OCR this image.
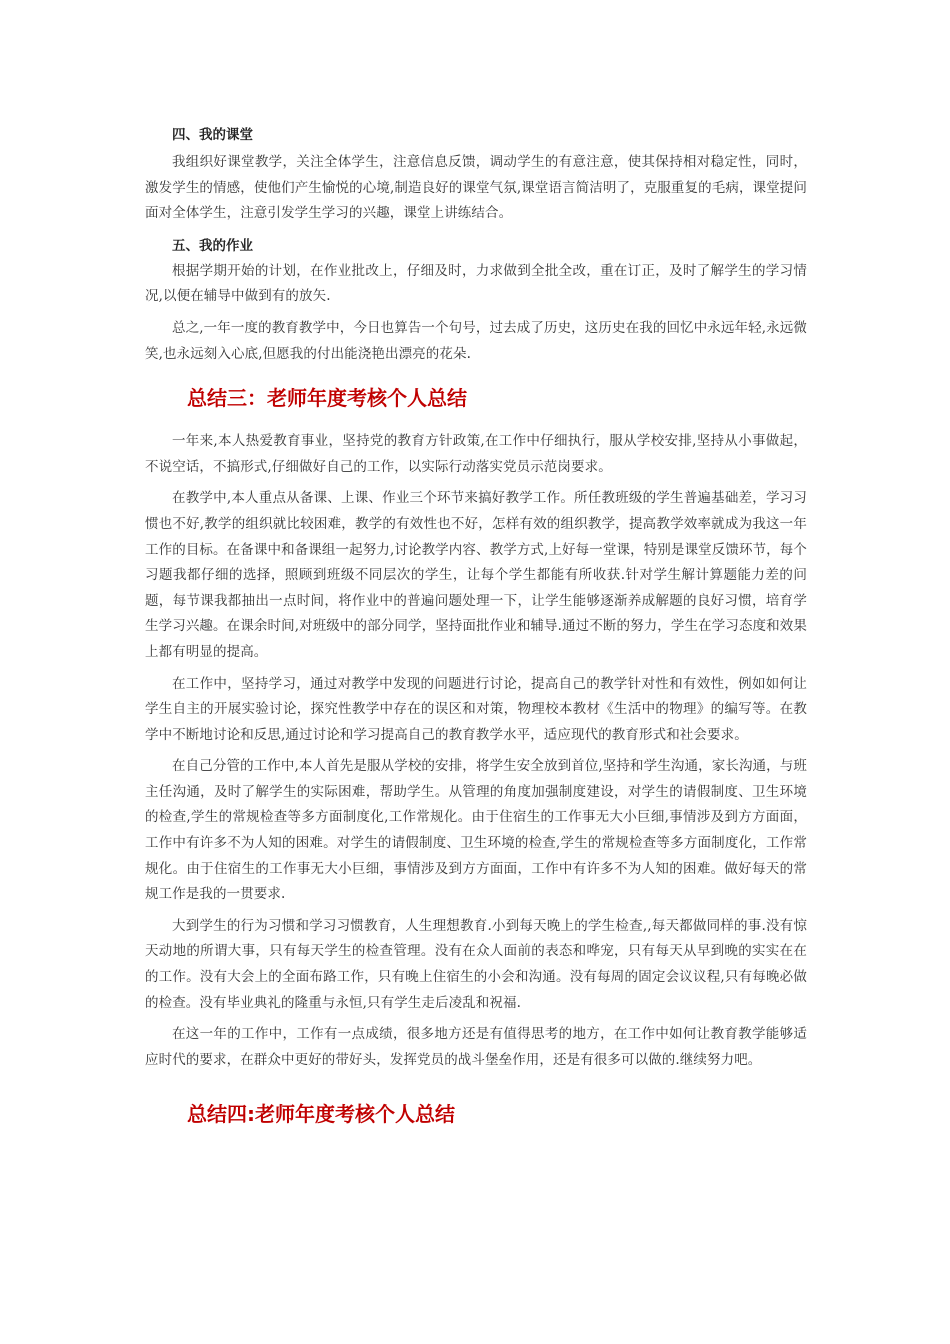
四、我的课堂

我组织好课堂教学，关注全体学生，注意信息反馈，调动学生的有意注意，使其保持相对稳定性，同时，激发学生的情感，使他们产生愉悦的心境,制造良好的课堂气氛,课堂语言简洁明了，克服重复的毛病，课堂提问面对全体学生，注意引发学生学习的兴趣，课堂上讲练结合。

五、我的作业

根据学期开始的计划，在作业批改上，仔细及时，力求做到全批全改，重在订正，及时了解学生的学习情况,以便在辅导中做到有的放矢.

总之,一年一度的教育教学中，今日也算告一个句号，过去成了历史，这历史在我的回忆中永远年轻,永远微笑,也永远刻入心底,但愿我的付出能浇艳出漂亮的花朵.

总结三：老师年度考核个人总结

一年来,本人热爱教育事业，坚持党的教育方针政策,在工作中仔细执行，服从学校安排,坚持从小事做起，不说空话，不搞形式,仔细做好自己的工作，以实际行动落实党员示范岗要求。

在教学中,本人重点从备课、上课、作业三个环节来搞好教学工作。所任教班级的学生普遍基础差，学习习惯也不好,教学的组织就比较困难，教学的有效性也不好，怎样有效的组织教学，提高教学效率就成为我这一年工作的目标。在备课中和备课组一起努力,讨论教学内容、教学方式,上好每一堂课，特别是课堂反馈环节，每个习题我都仔细的选择，照顾到班级不同层次的学生，让每个学生都能有所收获.针对学生解计算题能力差的问题，每节课我都抽出一点时间，将作业中的普遍问题处理一下，让学生能够逐渐养成解题的良好习惯，培育学生学习兴趣。在课余时间,对班级中的部分同学，坚持面批作业和辅导.通过不断的努力，学生在学习态度和效果上都有明显的提高。

在工作中，坚持学习，通过对教学中发现的问题进行讨论，提高自己的教学针对性和有效性，例如如何让学生自主的开展实验讨论，探究性教学中存在的误区和对策，物理校本教材《生活中的物理》的编写等。在教学中不断地讨论和反思,通过讨论和学习提高自己的教育教学水平，适应现代的教育形式和社会要求。

在自己分管的工作中,本人首先是服从学校的安排，将学生安全放到首位,坚持和学生沟通，家长沟通，与班主任沟通，及时了解学生的实际困难，帮助学生。从管理的角度加强制度建设，对学生的请假制度、卫生环境的检查,学生的常规检查等多方面制度化,工作常规化。由于住宿生的工作事无大小巨细,事情涉及到方方面面，工作中有许多不为人知的困难。对学生的请假制度、卫生环境的检查,学生的常规检查等多方面制度化，工作常规化。由于住宿生的工作事无大小巨细，事情涉及到方方面面，工作中有许多不为人知的困难。做好每天的常规工作是我的一贯要求.

大到学生的行为习惯和学习习惯教育，人生理想教育.小到每天晚上的学生检查,,每天都做同样的事.没有惊天动地的所谓大事，只有每天学生的检查管理。没有在众人面前的表态和哗宠，只有每天从早到晚的实实在在的工作。没有大会上的全面布路工作，只有晚上住宿生的小会和沟通。没有每周的固定会议议程,只有每晚必做的检查。没有毕业典礼的隆重与永恒,只有学生走后凌乱和祝福.

在这一年的工作中，工作有一点成绩，很多地方还是有值得思考的地方，在工作中如何让教育教学能够适应时代的要求，在群众中更好的带好头，发挥党员的战斗堡垒作用，还是有很多可以做的.继续努力吧。

总结四:老师年度考核个人总结
